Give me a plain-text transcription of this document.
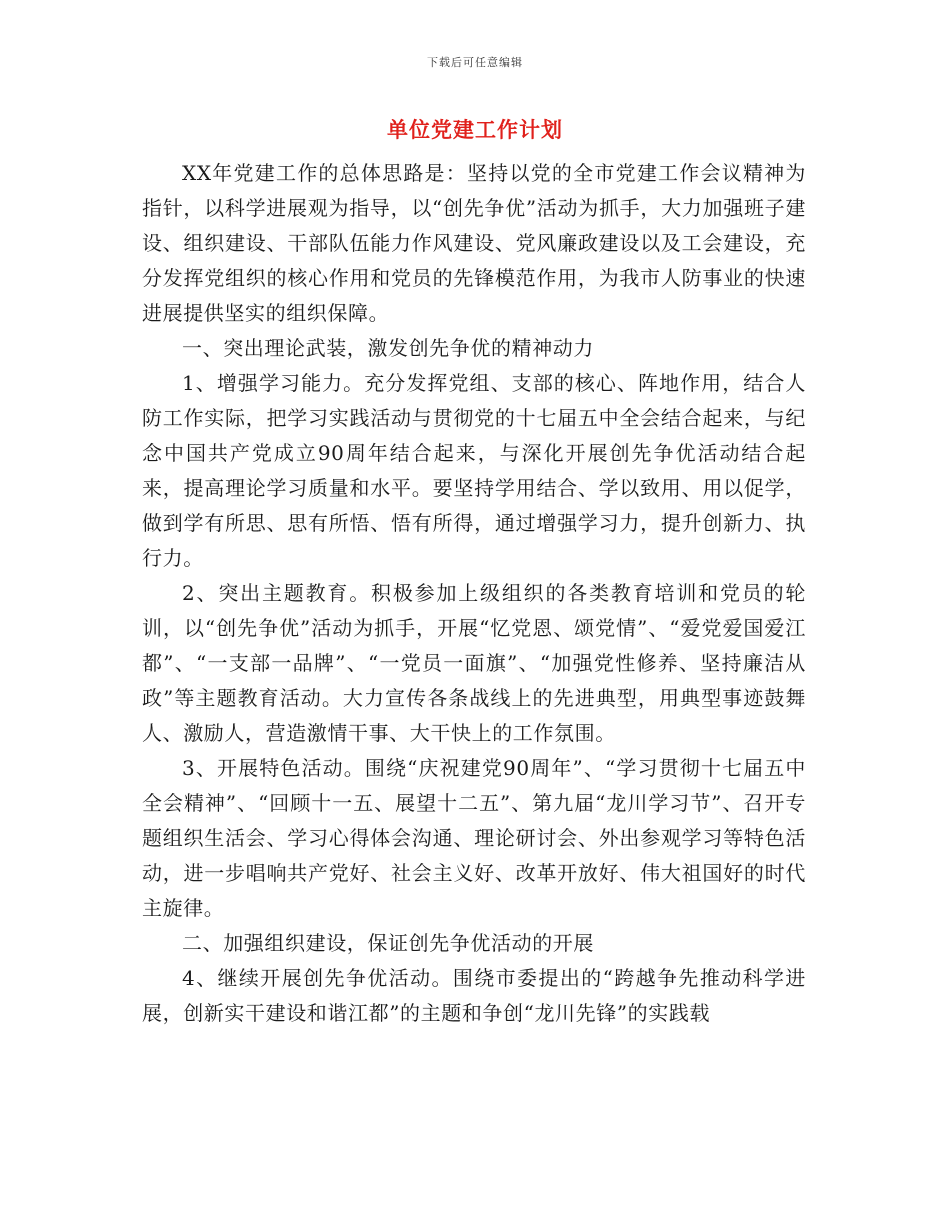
下载后可任意编辑
单位党建工作计划

XX年党建工作的总体思路是：坚持以党的全市党建工作会议精神为指针，以科学进展观为指导，以“创先争优”活动为抓手，大力加强班子建设、组织建设、干部队伍能力作风建设、党风廉政建设以及工会建设，充分发挥党组织的核心作用和党员的先锋模范作用，为我市人防事业的快速进展提供坚实的组织保障。

一、突出理论武装，激发创先争优的精神动力

1、增强学习能力。充分发挥党组、支部的核心、阵地作用，结合人防工作实际，把学习实践活动与贯彻党的十七届五中全会结合起来，与纪念中国共产党成立90周年结合起来，与深化开展创先争优活动结合起来，提高理论学习质量和水平。要坚持学用结合、学以致用、用以促学，做到学有所思、思有所悟、悟有所得，通过增强学习力，提升创新力、执行力。

2、突出主题教育。积极参加上级组织的各类教育培训和党员的轮训，以“创先争优”活动为抓手，开展“忆党恩、颂党情”、“爱党爱国爱江都”、“一支部一品牌”、“一党员一面旗”、“加强党性修养、坚持廉洁从政”等主题教育活动。大力宣传各条战线上的先进典型，用典型事迹鼓舞人、激励人，营造激情干事、大干快上的工作氛围。

3、开展特色活动。围绕“庆祝建党90周年”、“学习贯彻十七届五中全会精神”、“回顾十一五、展望十二五”、第九届“龙川学习节”、召开专题组织生活会、学习心得体会沟通、理论研讨会、外出参观学习等特色活动，进一步唱响共产党好、社会主义好、改革开放好、伟大祖国好的时代主旋律。

二、加强组织建设，保证创先争优活动的开展

4、继续开展创先争优活动。围绕市委提出的“跨越争先推动科学进展，创新实干建设和谐江都”的主题和争创“龙川先锋”的实践载
